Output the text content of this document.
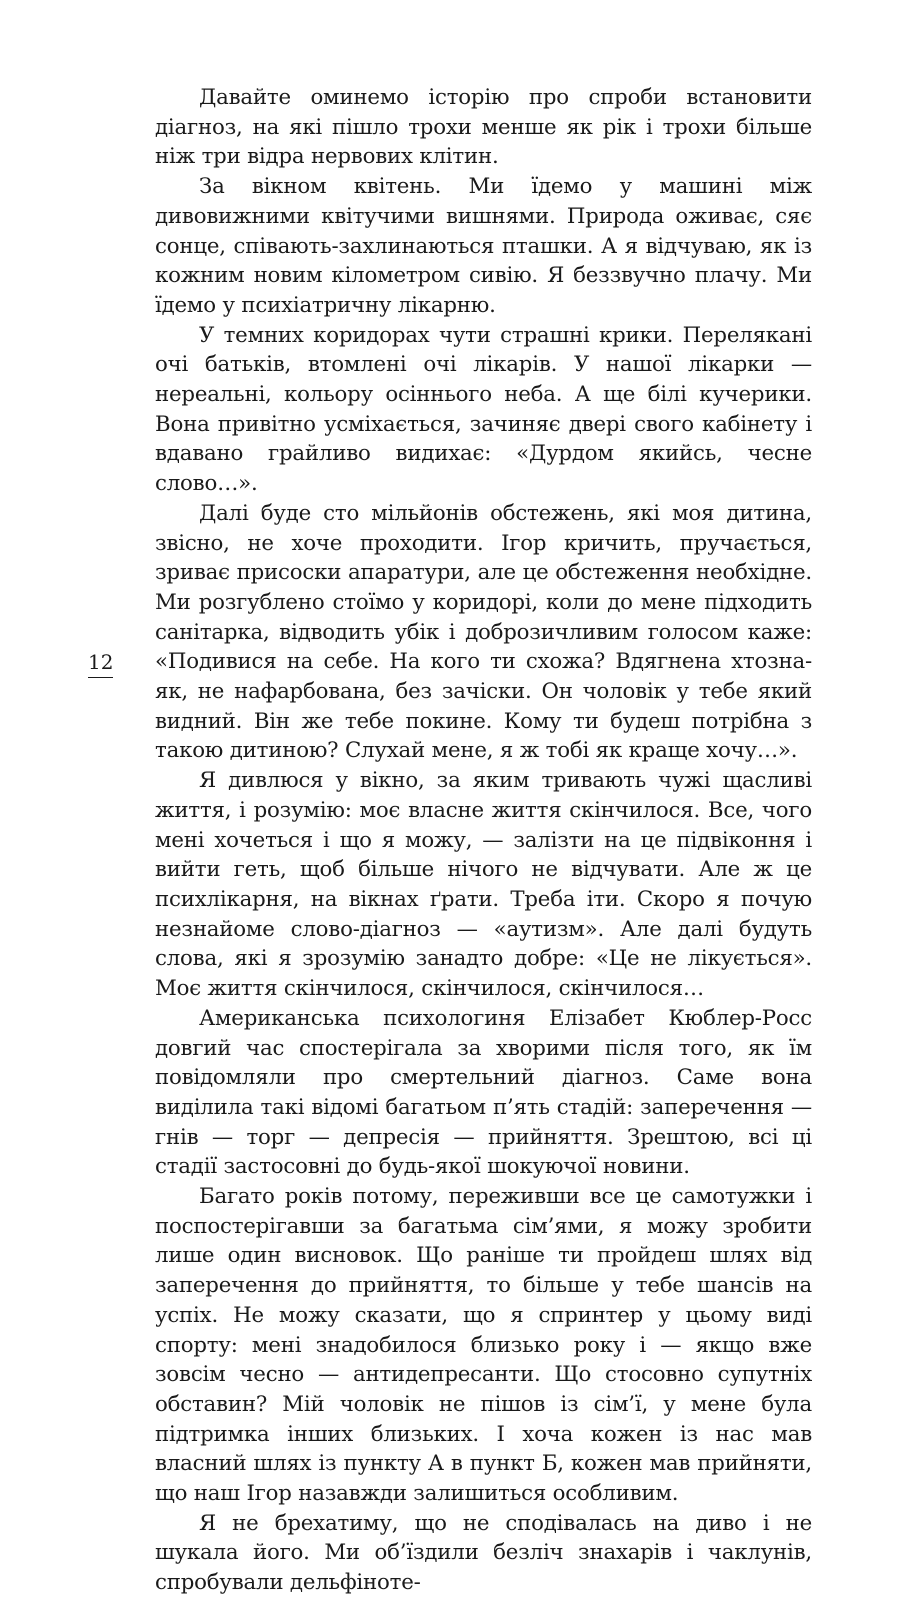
12

Давайте оминемо історію про спроби встановити діагноз, на які пішло трохи менше як рік і трохи більше ніж три відра нервових клітин.

За вікном квітень. Ми їдемо у машині між дивовижними квітучими вишнями. Природа оживає, сяє сонце, співають-захлинаються пташки. А я відчуваю, як із кожним новим кілометром сивію. Я беззвучно плачу. Ми їдемо у психіатричну лікарню.

У темних коридорах чути страшні крики. Перелякані очі батьків, втомлені очі лікарів. У нашої лікарки — нереальні, кольору осіннього неба. А ще білі кучерики. Вона привітно усміхається, зачиняє двері свого кабінету і вдавано грайливо видихає: «Дурдом якийсь, чесне слово…».

Далі буде сто мільйонів обстежень, які моя дитина, звісно, не хоче проходити. Ігор кричить, пручається, зриває присоски апаратури, але це обстеження необхідне. Ми розгублено стоїмо у коридорі, коли до мене підходить санітарка, відводить убік і доброзичливим голосом каже: «Подивися на себе. На кого ти схожа? Вдягнена хтозна-як, не нафарбована, без зачіски. Он чоловік у тебе який видний. Він же тебе покине. Кому ти будеш потрібна з такою дитиною? Слухай мене, я ж тобі як краще хочу…».

Я дивлюся у вікно, за яким тривають чужі щасливі життя, і розумію: моє власне життя скінчилося. Все, чого мені хочеться і що я можу, — залізти на це підвіконня і вийти геть, щоб більше нічого не відчувати. Але ж це психлікарня, на вікнах ґрати. Треба іти. Скоро я почую незнайоме слово-діагноз — «аутизм». Але далі будуть слова, які я зрозумію занадто добре: «Це не лікується». Моє життя скінчилося, скінчилося, скінчилося…

Американська психологиня Елізабет Кюблер-Росс довгий час спостерігала за хворими після того, як їм повідомляли про смертельний діагноз. Саме вона виділила такі відомі багатьом п’ять стадій: заперечення — гнів — торг — депресія — прийняття. Зрештою, всі ці стадії застосовні до будь-якої шокуючої новини.

Багато років потому, переживши все це самотужки і поспостерігавши за багатьма сім’ями, я можу зробити лише один висновок. Що раніше ти пройдеш шлях від заперечення до прийняття, то більше у тебе шансів на успіх. Не можу сказати, що я спринтер у цьому виді спорту: мені знадобилося близько року і — якщо вже зовсім чесно — антидепресанти. Що стосовно супутніх обставин? Мій чоловік не пішов із сім’ї, у мене була підтримка інших близьких. І хоча кожен із нас мав власний шлях із пункту А в пункт Б, кожен мав прийняти, що наш Ігор назавжди залишиться особливим.

Я не брехатиму, що не сподівалась на диво і не шукала його. Ми об’їздили безліч знахарів і чаклунів, спробували дельфіноте-
